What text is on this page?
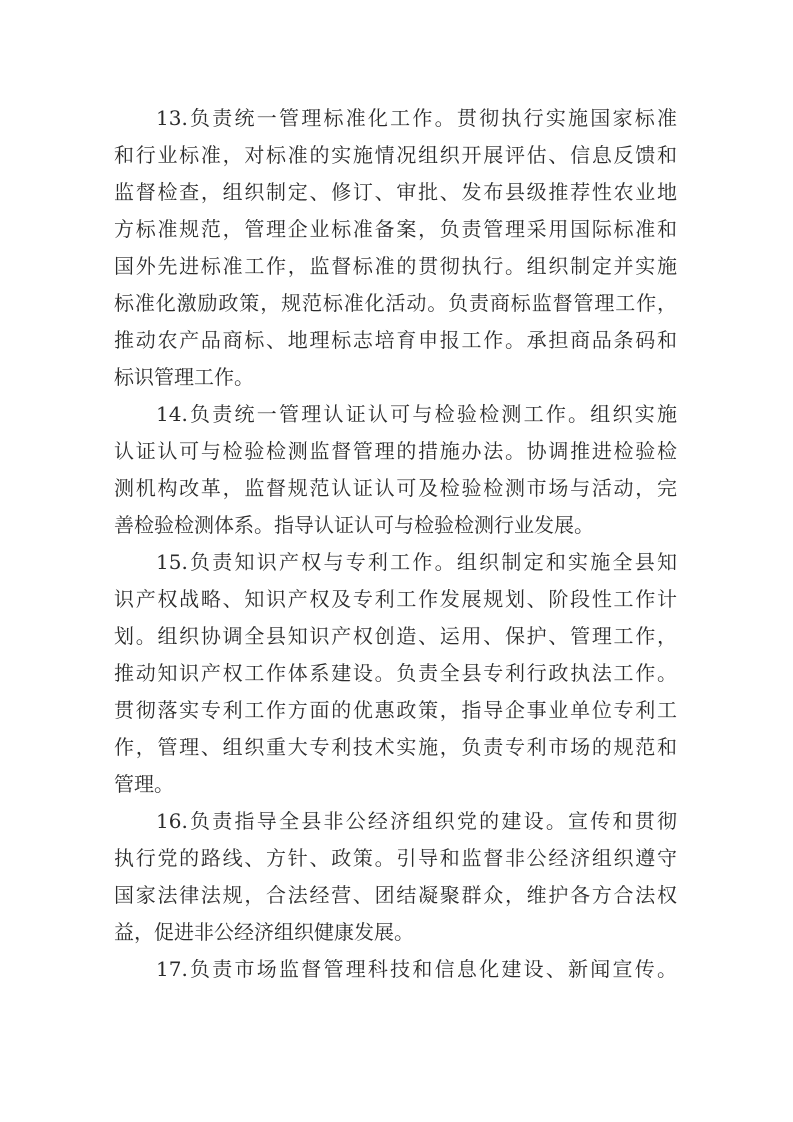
13.负责统一管理标准化工作。贯彻执行实施国家标准
和行业标准，对标准的实施情况组织开展评估、信息反馈和
监督检查，组织制定、修订、审批、发布县级推荐性农业地
方标准规范，管理企业标准备案，负责管理采用国际标准和
国外先进标准工作，监督标准的贯彻执行。组织制定并实施
标准化激励政策，规范标准化活动。负责商标监督管理工作，
推动农产品商标、地理标志培育申报工作。承担商品条码和
标识管理工作。
14.负责统一管理认证认可与检验检测工作。组织实施
认证认可与检验检测监督管理的措施办法。协调推进检验检
测机构改革，监督规范认证认可及检验检测市场与活动，完
善检验检测体系。指导认证认可与检验检测行业发展。
15.负责知识产权与专利工作。组织制定和实施全县知
识产权战略、知识产权及专利工作发展规划、阶段性工作计
划。组织协调全县知识产权创造、运用、保护、管理工作，
推动知识产权工作体系建设。负责全县专利行政执法工作。
贯彻落实专利工作方面的优惠政策，指导企事业单位专利工
作，管理、组织重大专利技术实施，负责专利市场的规范和
管理。
16.负责指导全县非公经济组织党的建设。宣传和贯彻
执行党的路线、方针、政策。引导和监督非公经济组织遵守
国家法律法规，合法经营、团结凝聚群众，维护各方合法权
益，促进非公经济组织健康发展。
17.负责市场监督管理科技和信息化建设、新闻宣传。
